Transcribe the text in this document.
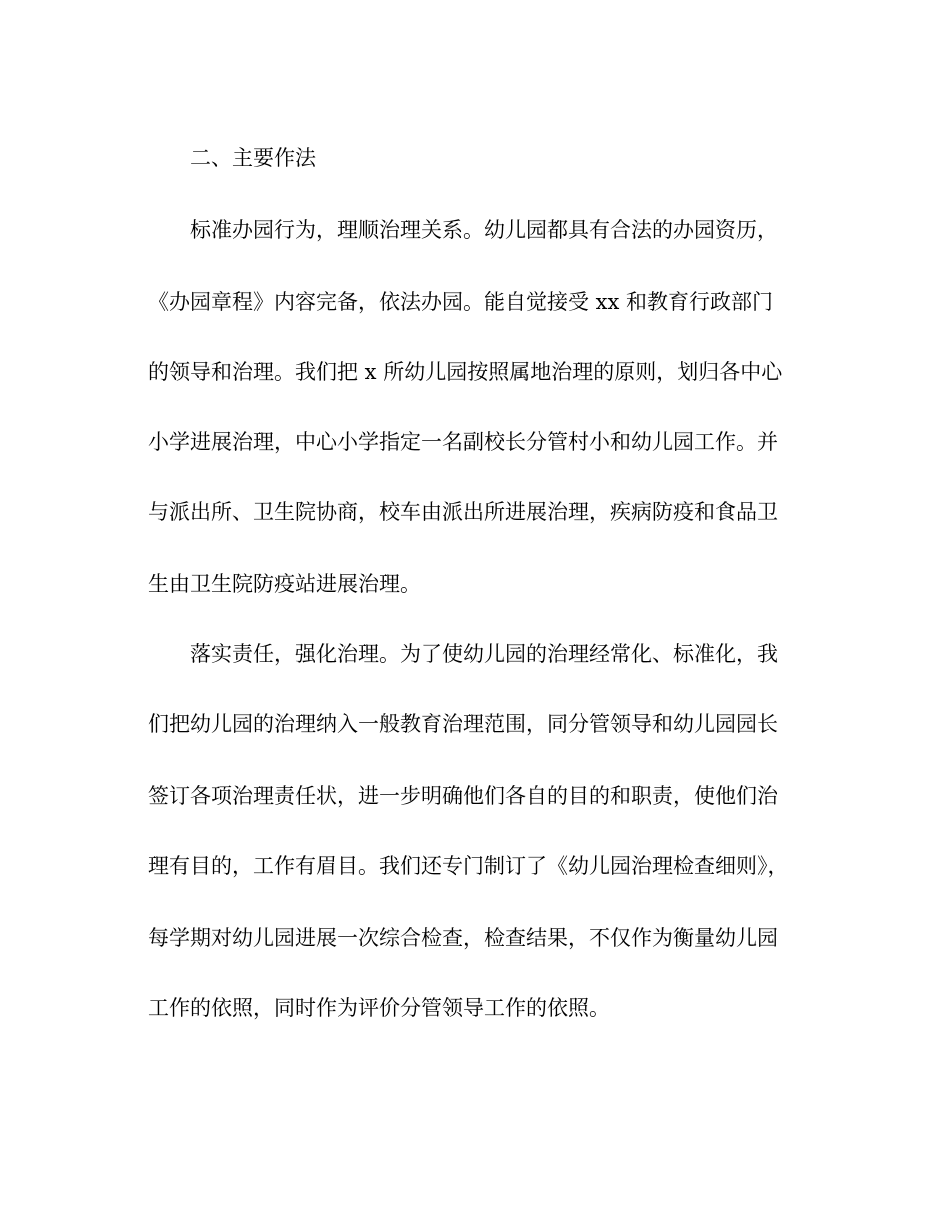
二、主要作法

标准办园行为，理顺治理关系。幼儿园都具有合法的办园资历，

《办园章程》内容完备，依法办园。能自觉接受 xx 和教育行政部门

的领导和治理。我们把 x 所幼儿园按照属地治理的原则，划归各中心

小学进展治理，中心小学指定一名副校长分管村小和幼儿园工作。并

与派出所、卫生院协商，校车由派出所进展治理，疾病防疫和食品卫

生由卫生院防疫站进展治理。

落实责任，强化治理。为了使幼儿园的治理经常化、标准化，我

们把幼儿园的治理纳入一般教育治理范围，同分管领导和幼儿园园长

签订各项治理责任状，进一步明确他们各自的目的和职责，使他们治

理有目的，工作有眉目。我们还专门制订了《幼儿园治理检查细则》，

每学期对幼儿园进展一次综合检查，检查结果，不仅作为衡量幼儿园

工作的依照，同时作为评价分管领导工作的依照。
